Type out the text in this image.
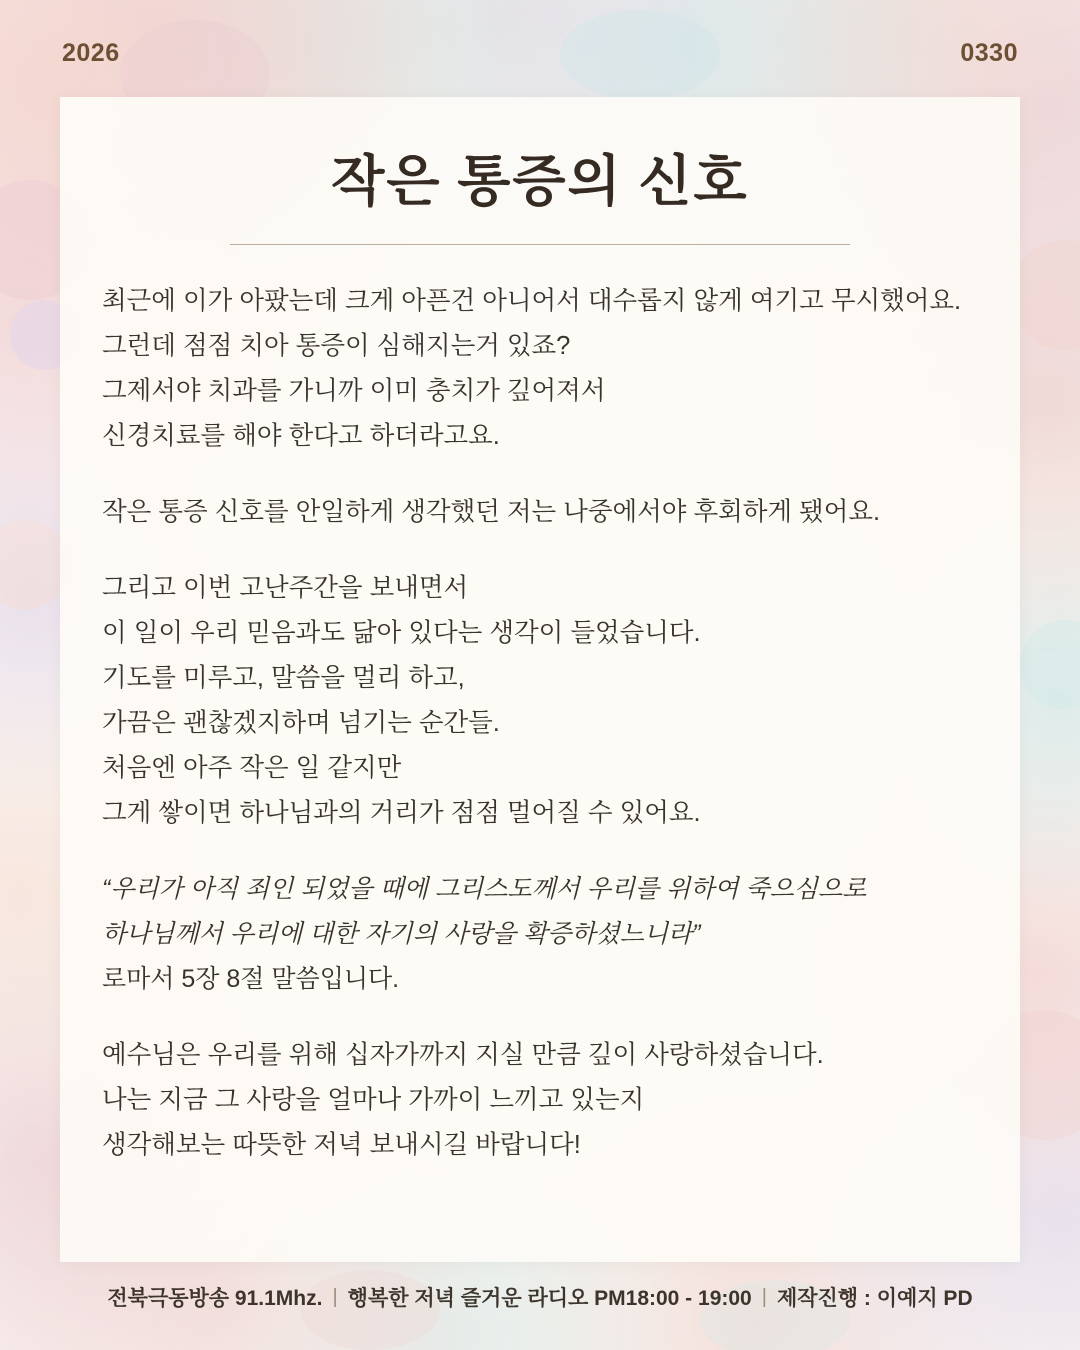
2026	0330
작은 통증의 신호
최근에 이가 아팠는데 크게 아픈건 아니어서 대수롭지 않게 여기고 무시했어요.
그런데 점점 치아 통증이 심해지는거 있죠?
그제서야 치과를 가니까 이미 충치가 깊어져서
신경치료를 해야 한다고 하더라고요.
작은 통증 신호를 안일하게 생각했던 저는 나중에서야 후회하게 됐어요.
그리고 이번 고난주간을 보내면서
이 일이 우리 믿음과도 닮아 있다는 생각이 들었습니다.
기도를 미루고, 말씀을 멀리 하고,
가끔은 괜찮겠지하며 넘기는 순간들.
처음엔 아주 작은 일 같지만
그게 쌓이면 하나님과의 거리가 점점 멀어질 수 있어요.
“우리가 아직 죄인 되었을 때에 그리스도께서 우리를 위하여 죽으심으로
하나님께서 우리에 대한 자기의 사랑을 확증하셨느니라”
로마서 5장 8절 말씀입니다.
예수님은 우리를 위해 십자가까지 지실 만큼 깊이 사랑하셨습니다.
나는 지금 그 사랑을 얼마나 가까이 느끼고 있는지
생각해보는 따뜻한 저녁 보내시길 바랍니다!
전북극동방송 91.1Mhz. | 행복한 저녁 즐거운 라디오 PM18:00 - 19:00 | 제작진행 : 이예지 PD
